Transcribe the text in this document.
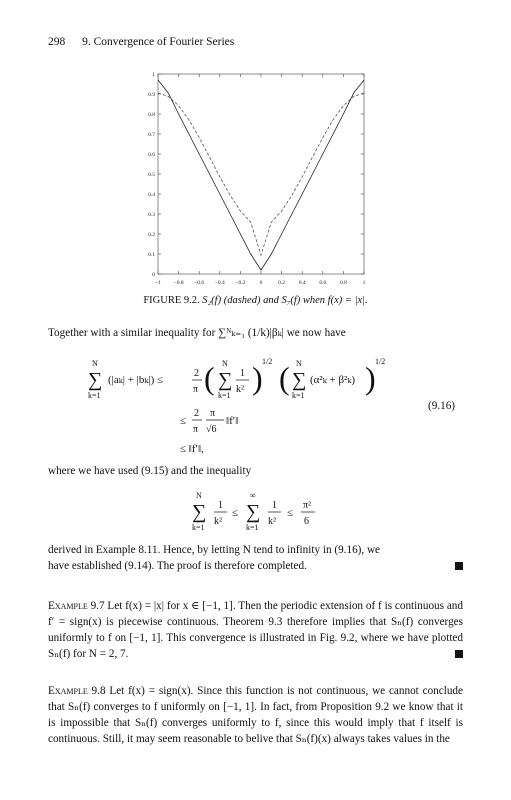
298 9. Convergence of Fourier Series
−1 −0.8 −0.6 −0.4 −0.2	0	0.2 0.4 0.6 0.8	1
0
0.1
0.2
0.3
0.4
0.5
0.6
0.7
0.8
0.9
1
FIGURE 9.2. S₂(f) (dashed) and S₇(f) when f(x) = |x|.
Together with a similar inequality for ∑ᴺₖ₌₁ (1/k)|βₖ| we now have
N
∑
k=1
(|aₖ| + |bₖ|) ≤
2
π ( N
∑
k=1
1
k² ) 1/2 ( N
∑
k=1
(α²ₖ + β²ₖ) ) 1/2
≤
2
π
π
√6
‖f′‖
≤ ‖f′‖,
(9.16)
where we have used (9.15) and the inequality
N
∑
k=1
1
k²
≤
∞
∑
k=1
1
k²
≤
π²
6
derived in Example 8.11. Hence, by letting N tend to infinity in (9.16), we
have established (9.14). The proof is therefore completed.
Example 9.7 Let f(x) = |x| for x ∈ [−1, 1]. Then the periodic extension of f is continuous and f′ = sign(x) is piecewise continuous. Theorem 9.3 therefore implies that Sₙ(f) converges uniformly to f on [−1, 1]. This convergence is illustrated in Fig. 9.2, where we have plotted Sₙ(f) for N = 2, 7.
Example 9.8 Let f(x) = sign(x). Since this function is not continuous, we cannot conclude that Sₙ(f) converges to f uniformly on [−1, 1]. In fact, from Proposition 9.2 we know that it is impossible that Sₙ(f) converges uniformly to f, since this would imply that f itself is continuous. Still, it may seem reasonable to belive that Sₙ(f)(x) always takes values in the
